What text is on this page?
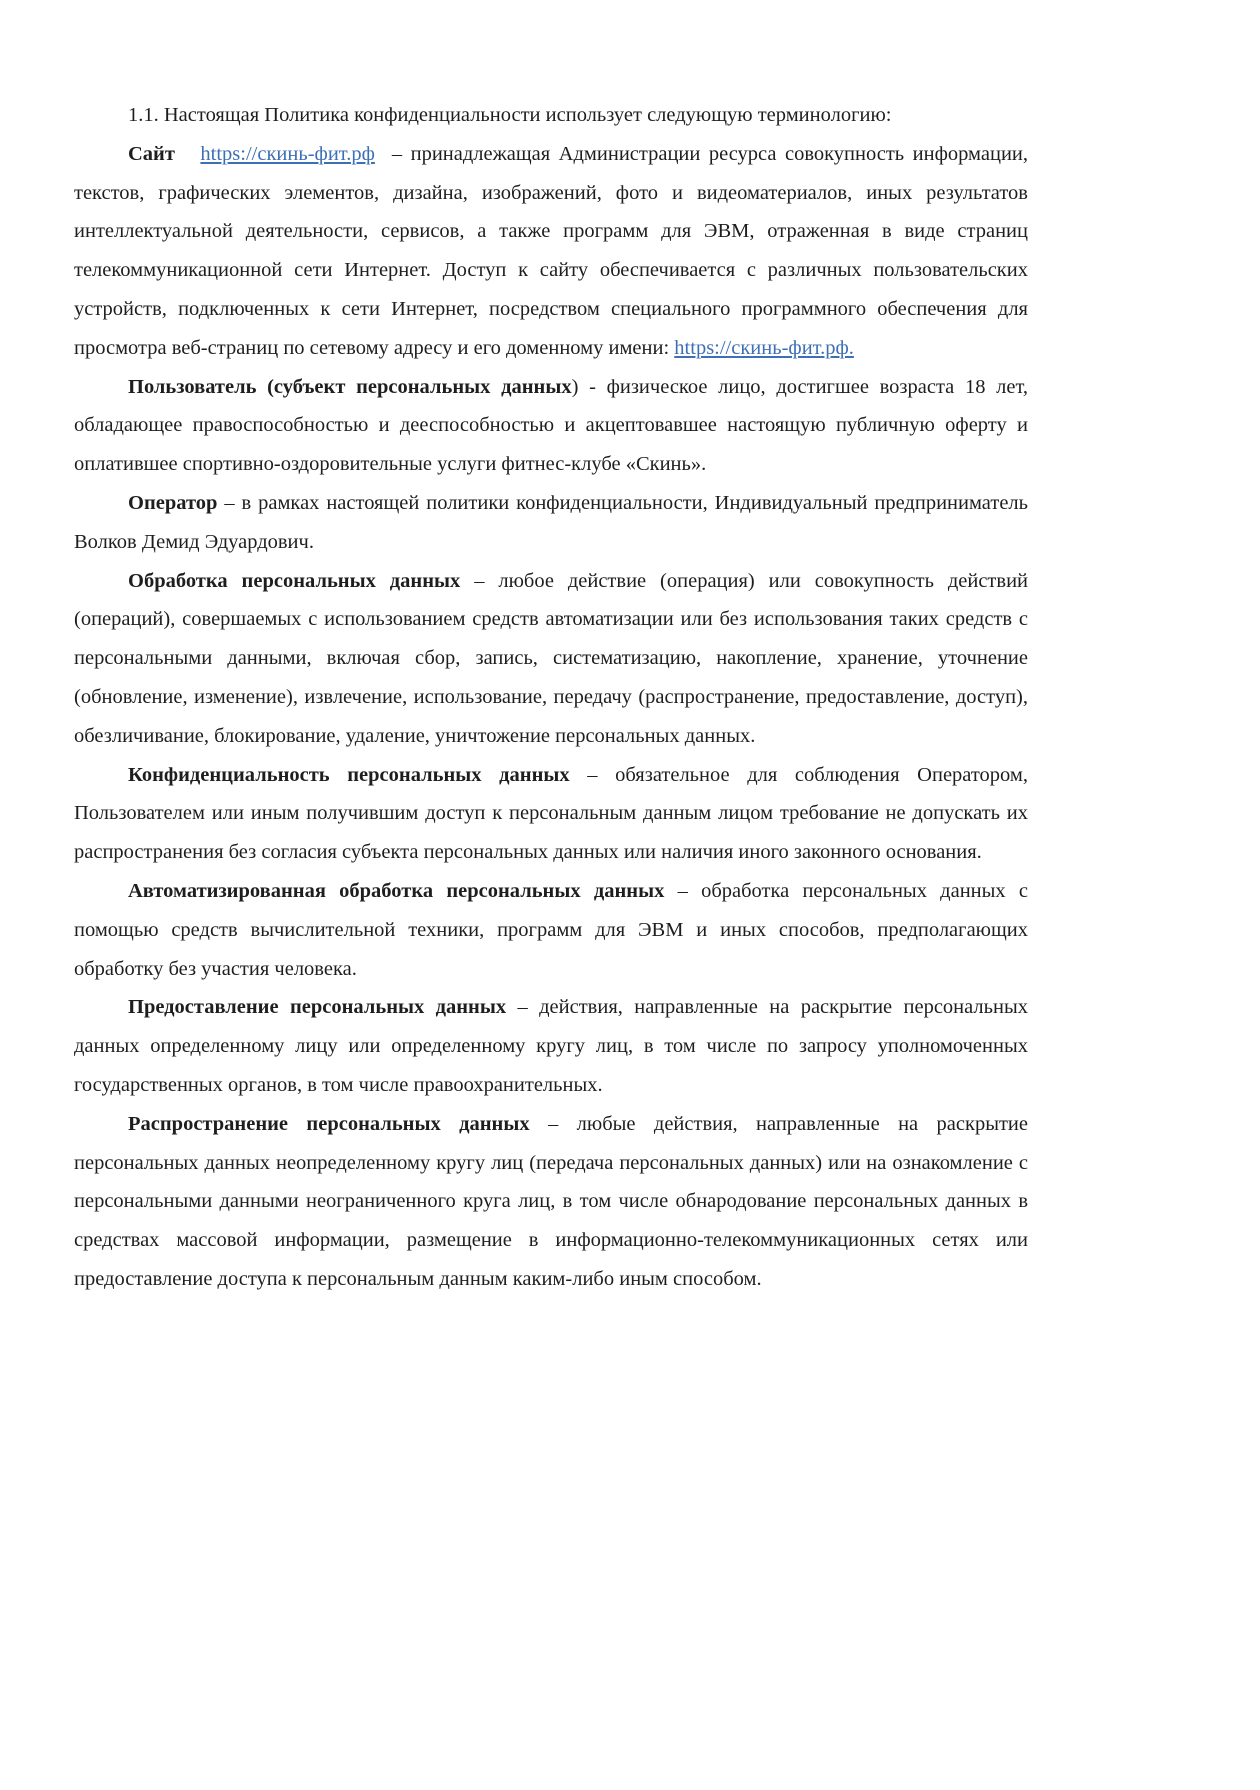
1.1. Настоящая Политика конфиденциальности использует следующую терминологию:

Сайт https://скинь-фит.рф – принадлежащая Администрации ресурса совокупность информации, текстов, графических элементов, дизайна, изображений, фото и видеоматериалов, иных результатов интеллектуальной деятельности, сервисов, а также программ для ЭВМ, отраженная в виде страниц телекоммуникационной сети Интернет. Доступ к сайту обеспечивается с различных пользовательских устройств, подключенных к сети Интернет, посредством специального программного обеспечения для просмотра веб-страниц по сетевому адресу и его доменному имени: https://скинь-фит.рф.

Пользователь (субъект персональных данных) - физическое лицо, достигшее возраста 18 лет, обладающее правоспособностью и дееспособностью и акцептовавшее настоящую публичную оферту и оплатившее спортивно-оздоровительные услуги фитнес-клубе «Скинь».

Оператор – в рамках настоящей политики конфиденциальности, Индивидуальный предприниматель Волков Демид Эдуардович.

Обработка персональных данных – любое действие (операция) или совокупность действий (операций), совершаемых с использованием средств автоматизации или без использования таких средств с персональными данными, включая сбор, запись, систематизацию, накопление, хранение, уточнение (обновление, изменение), извлечение, использование, передачу (распространение, предоставление, доступ), обезличивание, блокирование, удаление, уничтожение персональных данных.

Конфиденциальность персональных данных – обязательное для соблюдения Оператором, Пользователем или иным получившим доступ к персональным данным лицом требование не допускать их распространения без согласия субъекта персональных данных или наличия иного законного основания.

Автоматизированная обработка персональных данных – обработка персональных данных с помощью средств вычислительной техники, программ для ЭВМ и иных способов, предполагающих обработку без участия человека.

Предоставление персональных данных – действия, направленные на раскрытие персональных данных определенному лицу или определенному кругу лиц, в том числе по запросу уполномоченных государственных органов, в том числе правоохранительных.

Распространение персональных данных – любые действия, направленные на раскрытие персональных данных неопределенному кругу лиц (передача персональных данных) или на ознакомление с персональными данными неограниченного круга лиц, в том числе обнародование персональных данных в средствах массовой информации, размещение в информационно-телекоммуникационных сетях или предоставление доступа к персональным данным каким-либо иным способом.
